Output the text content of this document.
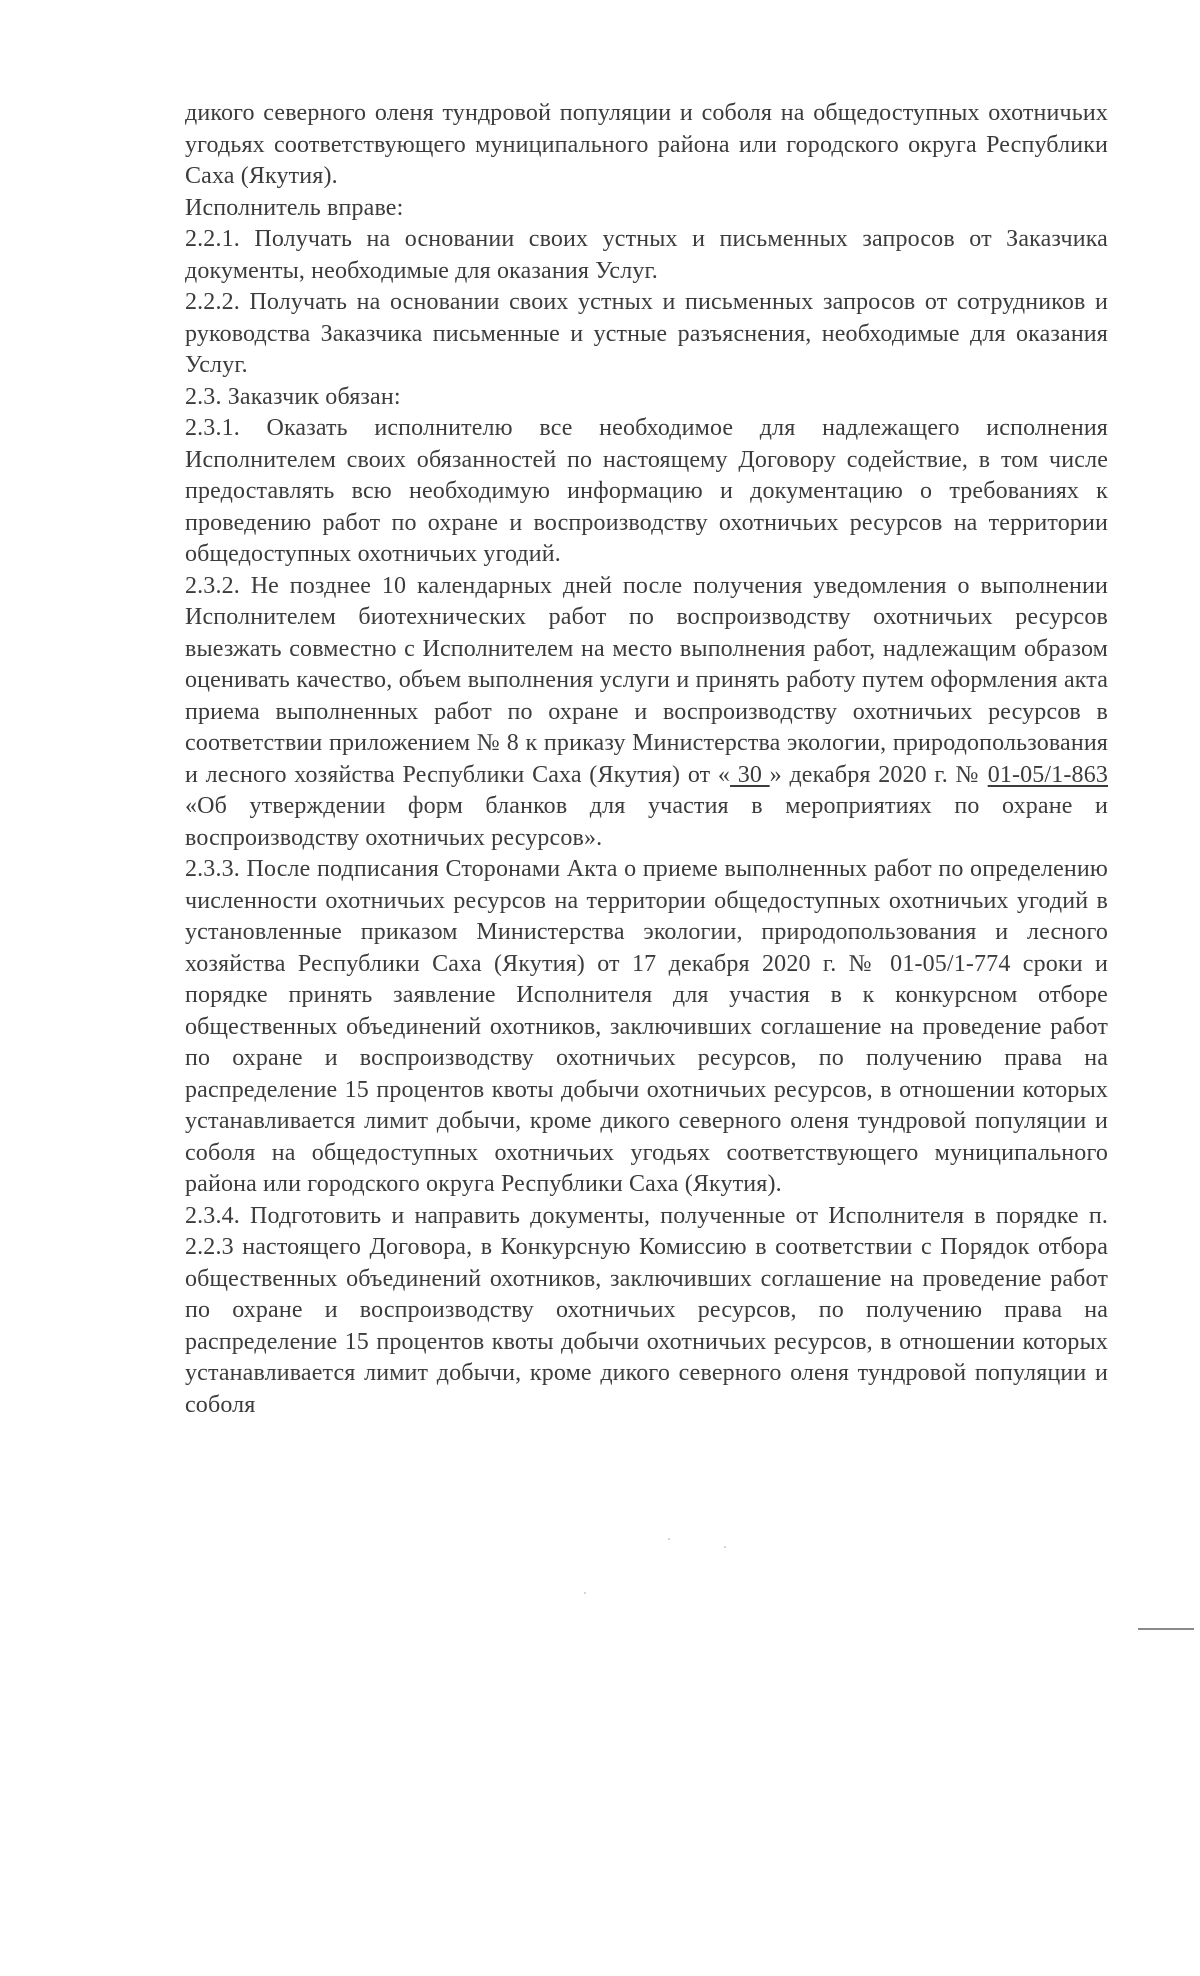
дикого северного оленя тундровой популяции и соболя на общедоступных охотничьих угодьях соответствующего муниципального района или городского округа Республики Саха (Якутия).

Исполнитель вправе:

2.2.1. Получать на основании своих устных и письменных запросов от Заказчика документы, необходимые для оказания Услуг.

2.2.2. Получать на основании своих устных и письменных запросов от сотрудников и руководства Заказчика письменные и устные разъяснения, необходимые для оказания Услуг.

2.3. Заказчик обязан:

2.3.1. Оказать исполнителю все необходимое для надлежащего исполнения Исполнителем своих обязанностей по настоящему Договору содействие, в том числе предоставлять всю необходимую информацию и документацию о требованиях к проведению работ по охране и воспроизводству охотничьих ресурсов на территории общедоступных охотничьих угодий.

2.3.2. Не позднее 10 календарных дней после получения уведомления о выполнении Исполнителем биотехнических работ по воспроизводству охотничьих ресурсов выезжать совместно с Исполнителем на место выполнения работ, надлежащим образом оценивать качество, объем выполнения услуги и принять работу путем оформления акта приема выполненных работ по охране и воспроизводству охотничьих ресурсов в соответствии приложением № 8 к приказу Министерства экологии, природопользования и лесного хозяйства Республики Саха (Якутия) от « 30 » декабря 2020 г. № 01-05/1-863 «Об утверждении форм бланков для участия в мероприятиях по охране и воспроизводству охотничьих ресурсов».

2.3.3. После подписания Сторонами Акта о приеме выполненных работ по определению численности охотничьих ресурсов на территории общедоступных охотничьих угодий в установленные приказом Министерства экологии, природопользования и лесного хозяйства Республики Саха (Якутия) от 17 декабря 2020 г. № 01-05/1-774 сроки и порядке принять заявление Исполнителя для участия в к конкурсном отборе общественных объединений охотников, заключивших соглашение на проведение работ по охране и воспроизводству охотничьих ресурсов, по получению права на распределение 15 процентов квоты добычи охотничьих ресурсов, в отношении которых устанавливается лимит добычи, кроме дикого северного оленя тундровой популяции и соболя на общедоступных охотничьих угодьях соответствующего муниципального района или городского округа Республики Саха (Якутия).

2.3.4. Подготовить и направить документы, полученные от Исполнителя в порядке п. 2.2.3 настоящего Договора, в Конкурсную Комиссию в соответствии с Порядок отбора общественных объединений охотников, заключивших соглашение на проведение работ по охране и воспроизводству охотничьих ресурсов, по получению права на распределение 15 процентов квоты добычи охотничьих ресурсов, в отношении которых устанавливается лимит добычи, кроме дикого северного оленя тундровой популяции и соболя
